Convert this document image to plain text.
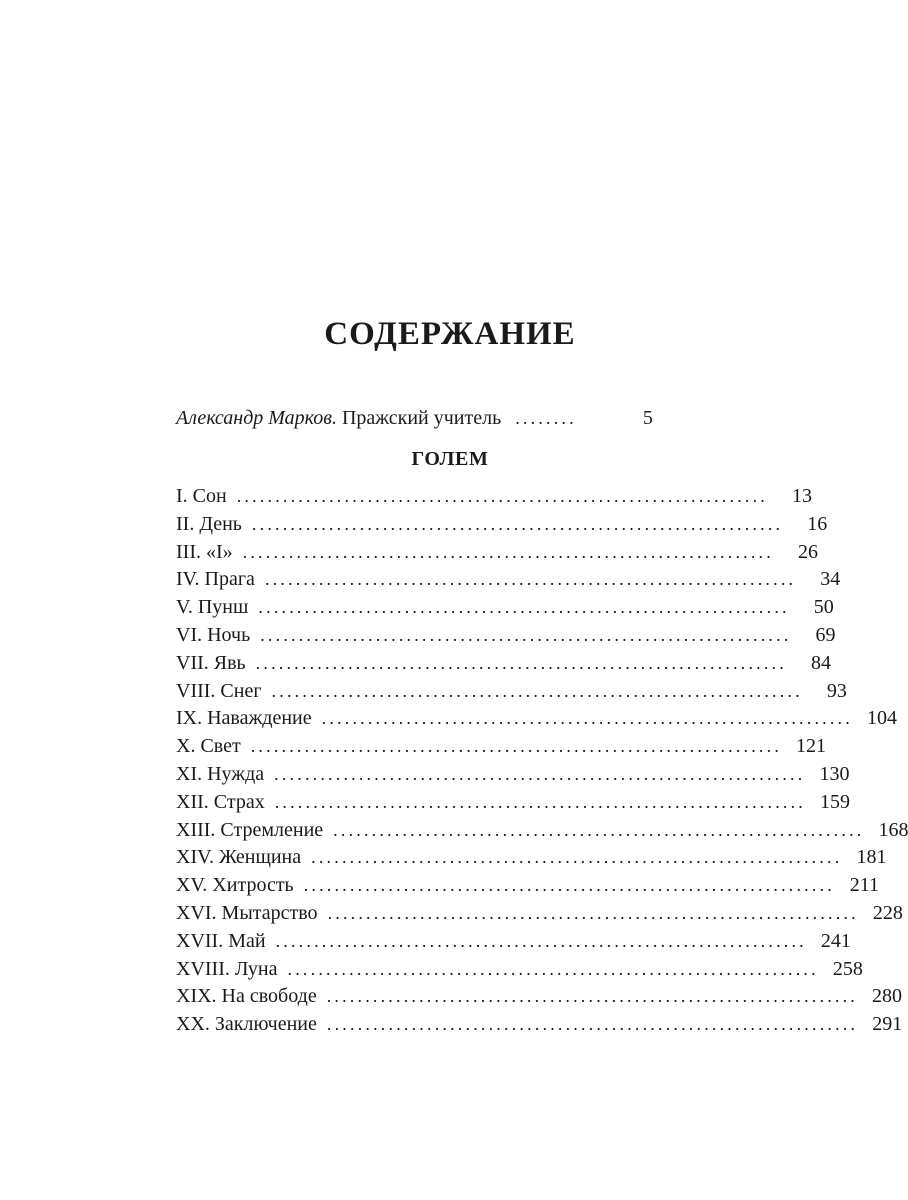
СОДЕРЖАНИЕ
Александр Марков. Пражский учитель ........	5
ГОЛЕМ
I. Сон .....................................................................	13
II. День .....................................................................	16
III. «I» .....................................................................	26
IV. Прага .....................................................................	34
V. Пунш .....................................................................	50
VI. Ночь .....................................................................	69
VII. Явь .....................................................................	84
VIII. Снег .....................................................................	93
IX. Наваждение ..................................................................... 104
X. Свет ..................................................................... 121
XI. Нужда ..................................................................... 130
XII. Страх ..................................................................... 159
XIII. Стремление ..................................................................... 168
XIV. Женщина ..................................................................... 181
XV. Хитрость ..................................................................... 211
XVI. Мытарство ..................................................................... 228
XVII. Май ..................................................................... 241
XVIII. Луна ..................................................................... 258
XIX. На свободе ..................................................................... 280
XX. Заключение ..................................................................... 291
